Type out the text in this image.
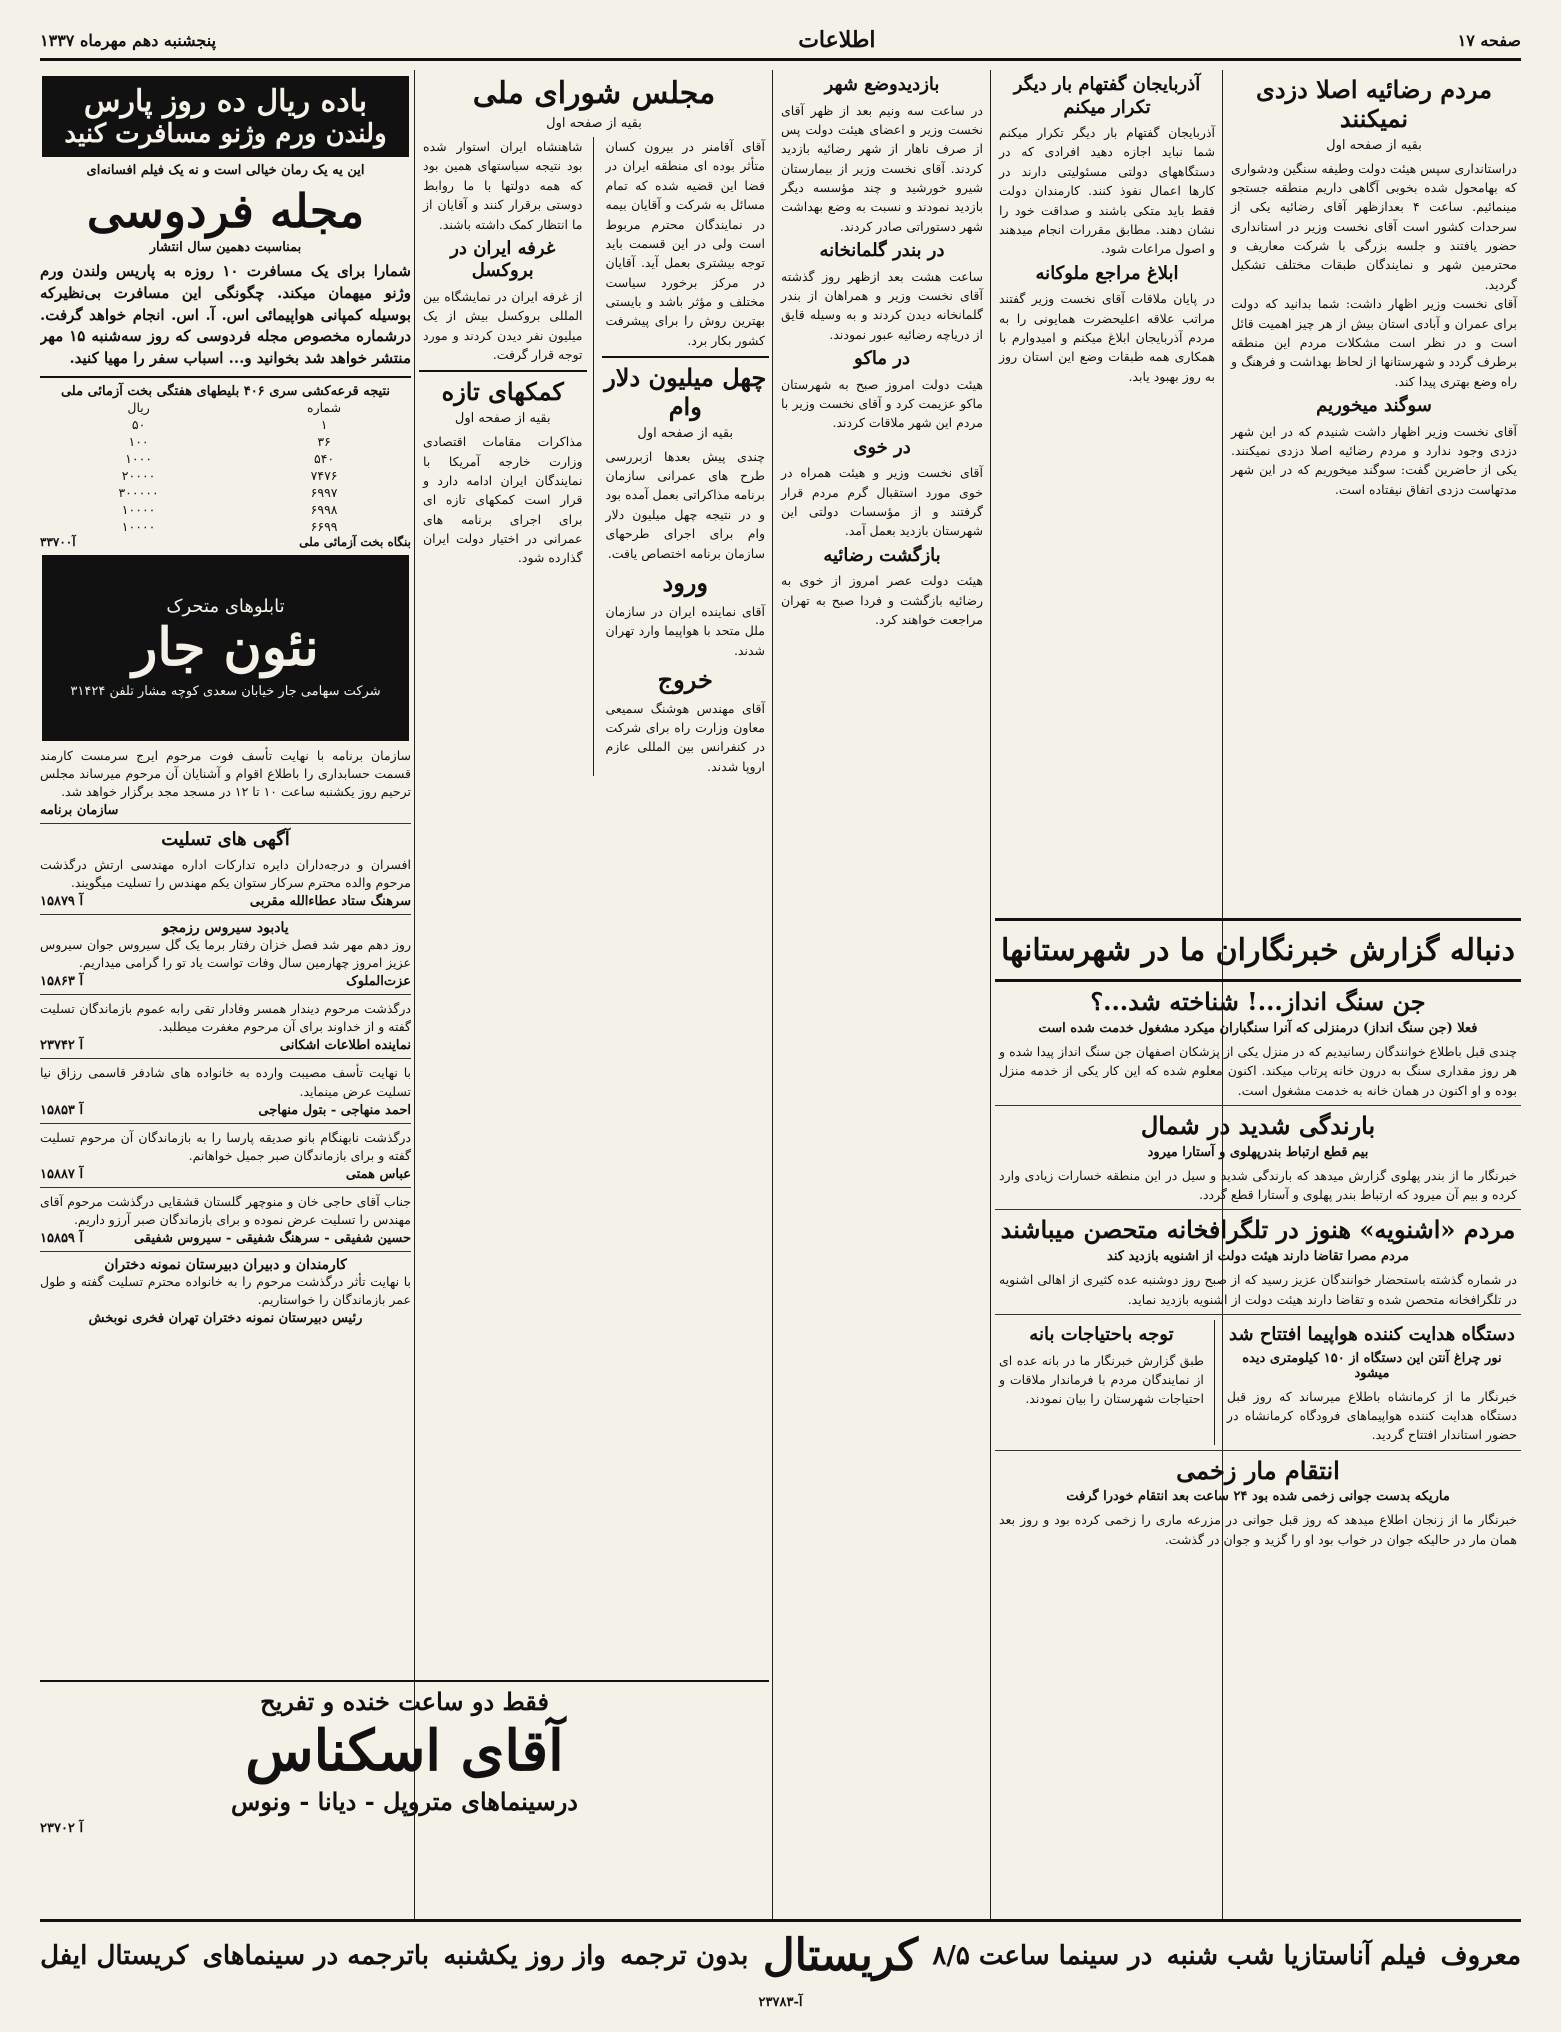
صفحه ۱۷
اطلاعات
پنجشنبه دهم مهرماه ۱۳۳۷
مردم رضائیه اصلا دزدی نمیکنند
بقیه از صفحه اول

دراستانداری سپس هیئت دولت وطیفه سنگین ودشواری که بهامحول شده بخوبی آگاهی داریم منطقه جستجو مینمائیم. ساعت ۴ بعدازظهر آقای رضائیه یکی از سرحدات کشور است آقای نخست وزیر در استانداری حضور یافتند و جلسه بزرگی با شرکت معاریف و محترمین شهر و نمایندگان طبقات مختلف تشکیل گردید.

آقای نخست وزیر اظهار داشت: شما بدانید که دولت برای عمران و آبادی استان بیش از هر چیز اهمیت قائل است و در نظر است مشکلات مردم این منطقه برطرف گردد و شهرستانها از لحاظ بهداشت و فرهنگ و راه وضع بهتری پیدا کند.

سوگند میخوریم

آقای نخست وزیر اظهار داشت شنیدم که در این شهر دزدی وجود ندارد و مردم رضائیه اصلا دزدی نمیکنند. یکی از حاضرین گفت: سوگند میخوریم که در این شهر مدتهاست دزدی اتفاق نیفتاده است.

آذربایجان گفتهام بار دیگر تکرار میکنم

آذربایجان گفتهام بار دیگر تکرار میکنم شما نباید اجازه دهید افرادی که در دستگاههای دولتی مسئولیتی دارند در کارها اعمال نفوذ کنند. کارمندان دولت فقط باید متکی باشند و صداقت خود را نشان دهند. مطابق مقررات انجام میدهند و اصول مراعات شود.

ابلاغ مراجع ملوکانه

در پایان ملاقات آقای نخست وزیر گفتند مراتب علاقه اعلیحضرت همایونی را به مردم آذربایجان ابلاغ میکنم و امیدوارم با همکاری همه طبقات وضع این استان روز به روز بهبود یابد.

دنباله گزارش خبرنگاران ما در شهرستانها
جن سنگ انداز...! شناخته شد...؟
فعلا (جن سنگ انداز) درمنزلی که آنرا سنگباران میکرد مشغول خدمت شده است

چندی قبل باطلاع خوانندگان رسانیدیم که در منزل یکی از پزشکان اصفهان جن سنگ انداز پیدا شده و هر روز مقداری سنگ به درون خانه پرتاب میکند. اکنون معلوم شده که این کار یکی از خدمه منزل بوده و او اکنون در همان خانه به خدمت مشغول است.

بارندگی شدید در شمال
بیم قطع ارتباط بندرپهلوی و آستارا میرود

خبرنگار ما از بندر پهلوی گزارش میدهد که بارندگی شدید و سیل در این منطقه خسارات زیادی وارد کرده و بیم آن میرود که ارتباط بندر پهلوی و آستارا قطع گردد.

مردم «اشنویه» هنوز در تلگرافخانه متحصن میباشند
مردم مصرا تقاضا دارند هیئت دولت از اشنویه بازدید کند

در شماره گذشته باستحضار خوانندگان عزیز رسید که از صبح روز دوشنبه عده کثیری از اهالی اشنویه در تلگرافخانه متحصن شده و تقاضا دارند هیئت دولت از اشنویه بازدید نماید.

دستگاه هدایت کننده هواپیما افتتاح شد
نور چراغ آنتن این دستگاه از ۱۵۰ کیلومتری دیده میشود

خبرنگار ما از کرمانشاه باطلاع میرساند که روز قبل دستگاه هدایت کننده هواپیماهای فرودگاه کرمانشاه در حضور استاندار افتتاح گردید.

توجه باحتیاجات بانه

طبق گزارش خبرنگار ما در بانه عده ای از نمایندگان مردم با فرماندار ملاقات و احتیاجات شهرستان را بیان نمودند.

انتقام مار زخمی
ماریکه بدست جوانی زخمی شده بود ۲۴ ساعت بعد انتقام خودرا گرفت

خبرنگار ما از زنجان اطلاع میدهد که روز قبل جوانی در مزرعه ماری را زخمی کرده بود و روز بعد همان مار در حالیکه جوان در خواب بود او را گزید و جوان در گذشت.

بازدیدوضع شهر

در ساعت سه ونیم بعد از ظهر آقای نخست وزیر و اعضای هیئت دولت پس از صرف ناهار از شهر رضائیه بازدید کردند. آقای نخست وزیر از بیمارستان شیرو خورشید و چند مؤسسه دیگر بازدید نمودند و نسبت به وضع بهداشت شهر دستوراتی صادر کردند.

در بندر گلمانخانه

ساعت هشت بعد ازظهر روز گذشته آقای نخست وزیر و همراهان از بندر گلمانخانه دیدن کردند و به وسیله قایق از دریاچه رضائیه عبور نمودند.

در ماکو

هیئت دولت امروز صبح به شهرستان ماکو عزیمت کرد و آقای نخست وزیر با مردم این شهر ملاقات کردند.

در خوی

آقای نخست وزیر و هیئت همراه در خوی مورد استقبال گرم مردم قرار گرفتند و از مؤسسات دولتی این شهرستان بازدید بعمل آمد.

بازگشت رضائیه

هیئت دولت عصر امروز از خوی به رضائیه بازگشت و فردا صبح به تهران مراجعت خواهند کرد.

مجلس شورای ملی
بقیه از صفحه اول

آقای آقامنر در بیرون کسان متأثر بوده ای منطقه ایران در فضا این قضیه شده که تمام مسائل به شرکت و آقایان بیمه در نمایندگان محترم مربوط است ولی در این قسمت باید توجه بیشتری بعمل آید. آقایان در مرکز برخورد سیاست مختلف و مؤثر باشد و بایستی بهترین روش را برای پیشرفت کشور بکار برد.

چهل میلیون دلار وام
بقیه از صفحه اول

چندی پیش بعدها ازبررسی طرح های عمرانی سازمان برنامه مذاکراتی بعمل آمده بود و در نتیجه چهل میلیون دلار وام برای اجرای طرحهای سازمان برنامه اختصاص یافت.

ورود

آقای نماینده ایران در سازمان ملل متحد با هواپیما وارد تهران شدند.

خروج

آقای مهندس هوشنگ سمیعی معاون وزارت راه برای شرکت در کنفرانس بین المللی عازم اروپا شدند.

شاهنشاه ایران استوار شده بود نتیجه سیاستهای همین بود که همه دولتها با ما روابط دوستی برقرار کنند و آقایان از ما انتظار کمک داشته باشند.

غرفه ایران در بروکسل

از غرفه ایران در نمایشگاه بین المللی بروکسل بیش از یک میلیون نفر دیدن کردند و مورد توجه قرار گرفت.

کمکهای تازه
بقیه از صفحه اول

مذاکرات مقامات اقتصادی وزارت خارجه آمریکا با نمایندگان ایران ادامه دارد و قرار است کمکهای تازه ای برای اجرای برنامه های عمرانی در اختیار دولت ایران گذارده شود.

فقط دو ساعت خنده و تفریح
آقای اسکناس
درسینماهای متروپل - دیانا - ونوس
آ ۲۳۷۰۲
باده ریال ده روز پارس
ولندن ورم وژنو مسافرت کنید
این یه یک رمان خیالی است و نه یک فیلم افسانه‌ای
مجله فردوسی
بمناسبت دهمین سال انتشار
شمارا برای یک مسافرت ۱۰ روزه به پاریس ولندن ورم وژنو میهمان میکند. چگونگی این مسافرت بی‌نظیرکه بوسیله کمپانی هواپیمائی اس. آ. اس. انجام خواهد گرفت. درشماره مخصوص مجله فردوسی که روز سه‌شنبه ۱۵ مهر منتشر خواهد شد بخوانید و... اسباب سفر را مهیا کنید.
نتیجه قرعه‌کشی سری ۴۰۶ بلیطهای هفتگی بخت آزمائی ملی
شماره	ریال
۱	۵۰
۳۶	۱۰۰
۵۴۰	۱۰۰۰
۷۴۷۶	۲۰۰۰۰
۶۹۹۷	۳۰۰۰۰۰
۶۹۹۸	۱۰۰۰۰
۶۶۹۹	۱۰۰۰۰
بنگاه بخت آزمائی ملی
آ۳۳۷۰۰
تابلوهای متحرک
نئون جار
شرکت سهامی جار خیابان سعدی کوچه مشار تلفن ۳۱۴۲۴
سازمان برنامه با نهایت تأسف فوت مرحوم ایرج سرمست کارمند قسمت حسابداری را باطلاع اقوام و آشنایان آن مرحوم میرساند مجلس ترحیم روز یکشنبه ساعت ۱۰ تا ۱۲ در مسجد مجد برگزار خواهد شد.
سازمان برنامه
آگهی های تسلیت
افسران و درجه‌داران دایره تدارکات اداره مهندسی ارتش درگذشت مرحوم والده محترم سرکار ستوان یکم مهندس را تسلیت میگویند.
سرهنگ ستاد عطاءالله مقربی
آ ۱۵۸۷۹
یادبود سیروس رزمجو
روز دهم مهر شد فصل خزان رفتار برما یک گل سیروس جوان سیروس عزیز امروز چهارمین سال وفات تواست یاد تو را گرامی میداریم.
عزت‌الملوک
آ ۱۵۸۶۳
درگذشت مرحوم دیندار همسر وفادار تقی رابه عموم بازماندگان تسلیت گفته و از خداوند برای آن مرحوم مغفرت میطلبد.
نماینده اطلاعات اشکانی
آ ۲۳۷۴۲
با نهایت تأسف مصیبت وارده به خانواده های شادفر قاسمی رزاق نیا تسلیت عرض مینماید.
احمد منهاجی - بتول منهاجی
آ ۱۵۸۵۳
درگذشت نابهنگام بانو صدیقه پارسا را به بازماندگان آن مرحوم تسلیت گفته و برای بازماندگان صبر جمیل خواهانم.
عباس همتی
آ ۱۵۸۸۷
جناب آقای حاجی خان و منوچهر گلستان قشقایی درگذشت مرحوم آقای مهندس را تسلیت عرض نموده و برای بازماندگان صبر آرزو داریم.
حسین شفیقی - سرهنگ شفیقی - سیروس شفیقی
آ ۱۵۸۵۹
کارمندان و دبیران دبیرستان نمونه دختران
با نهایت تأثر درگذشت مرحوم را به خانواده محترم تسلیت گفته و طول عمر بازماندگان را خواستاریم.
رئیس دبیرستان نمونه دختران تهران فخری نوبخش
معروف
فیلم آناستازیا شب شنبه
در سینما ساعت ۸/۵
کریستال
بدون ترجمه
واز روز یکشنبه
باترجمه در سینماهای
کریستال ایفل
آ-۲۳۷۸۳
